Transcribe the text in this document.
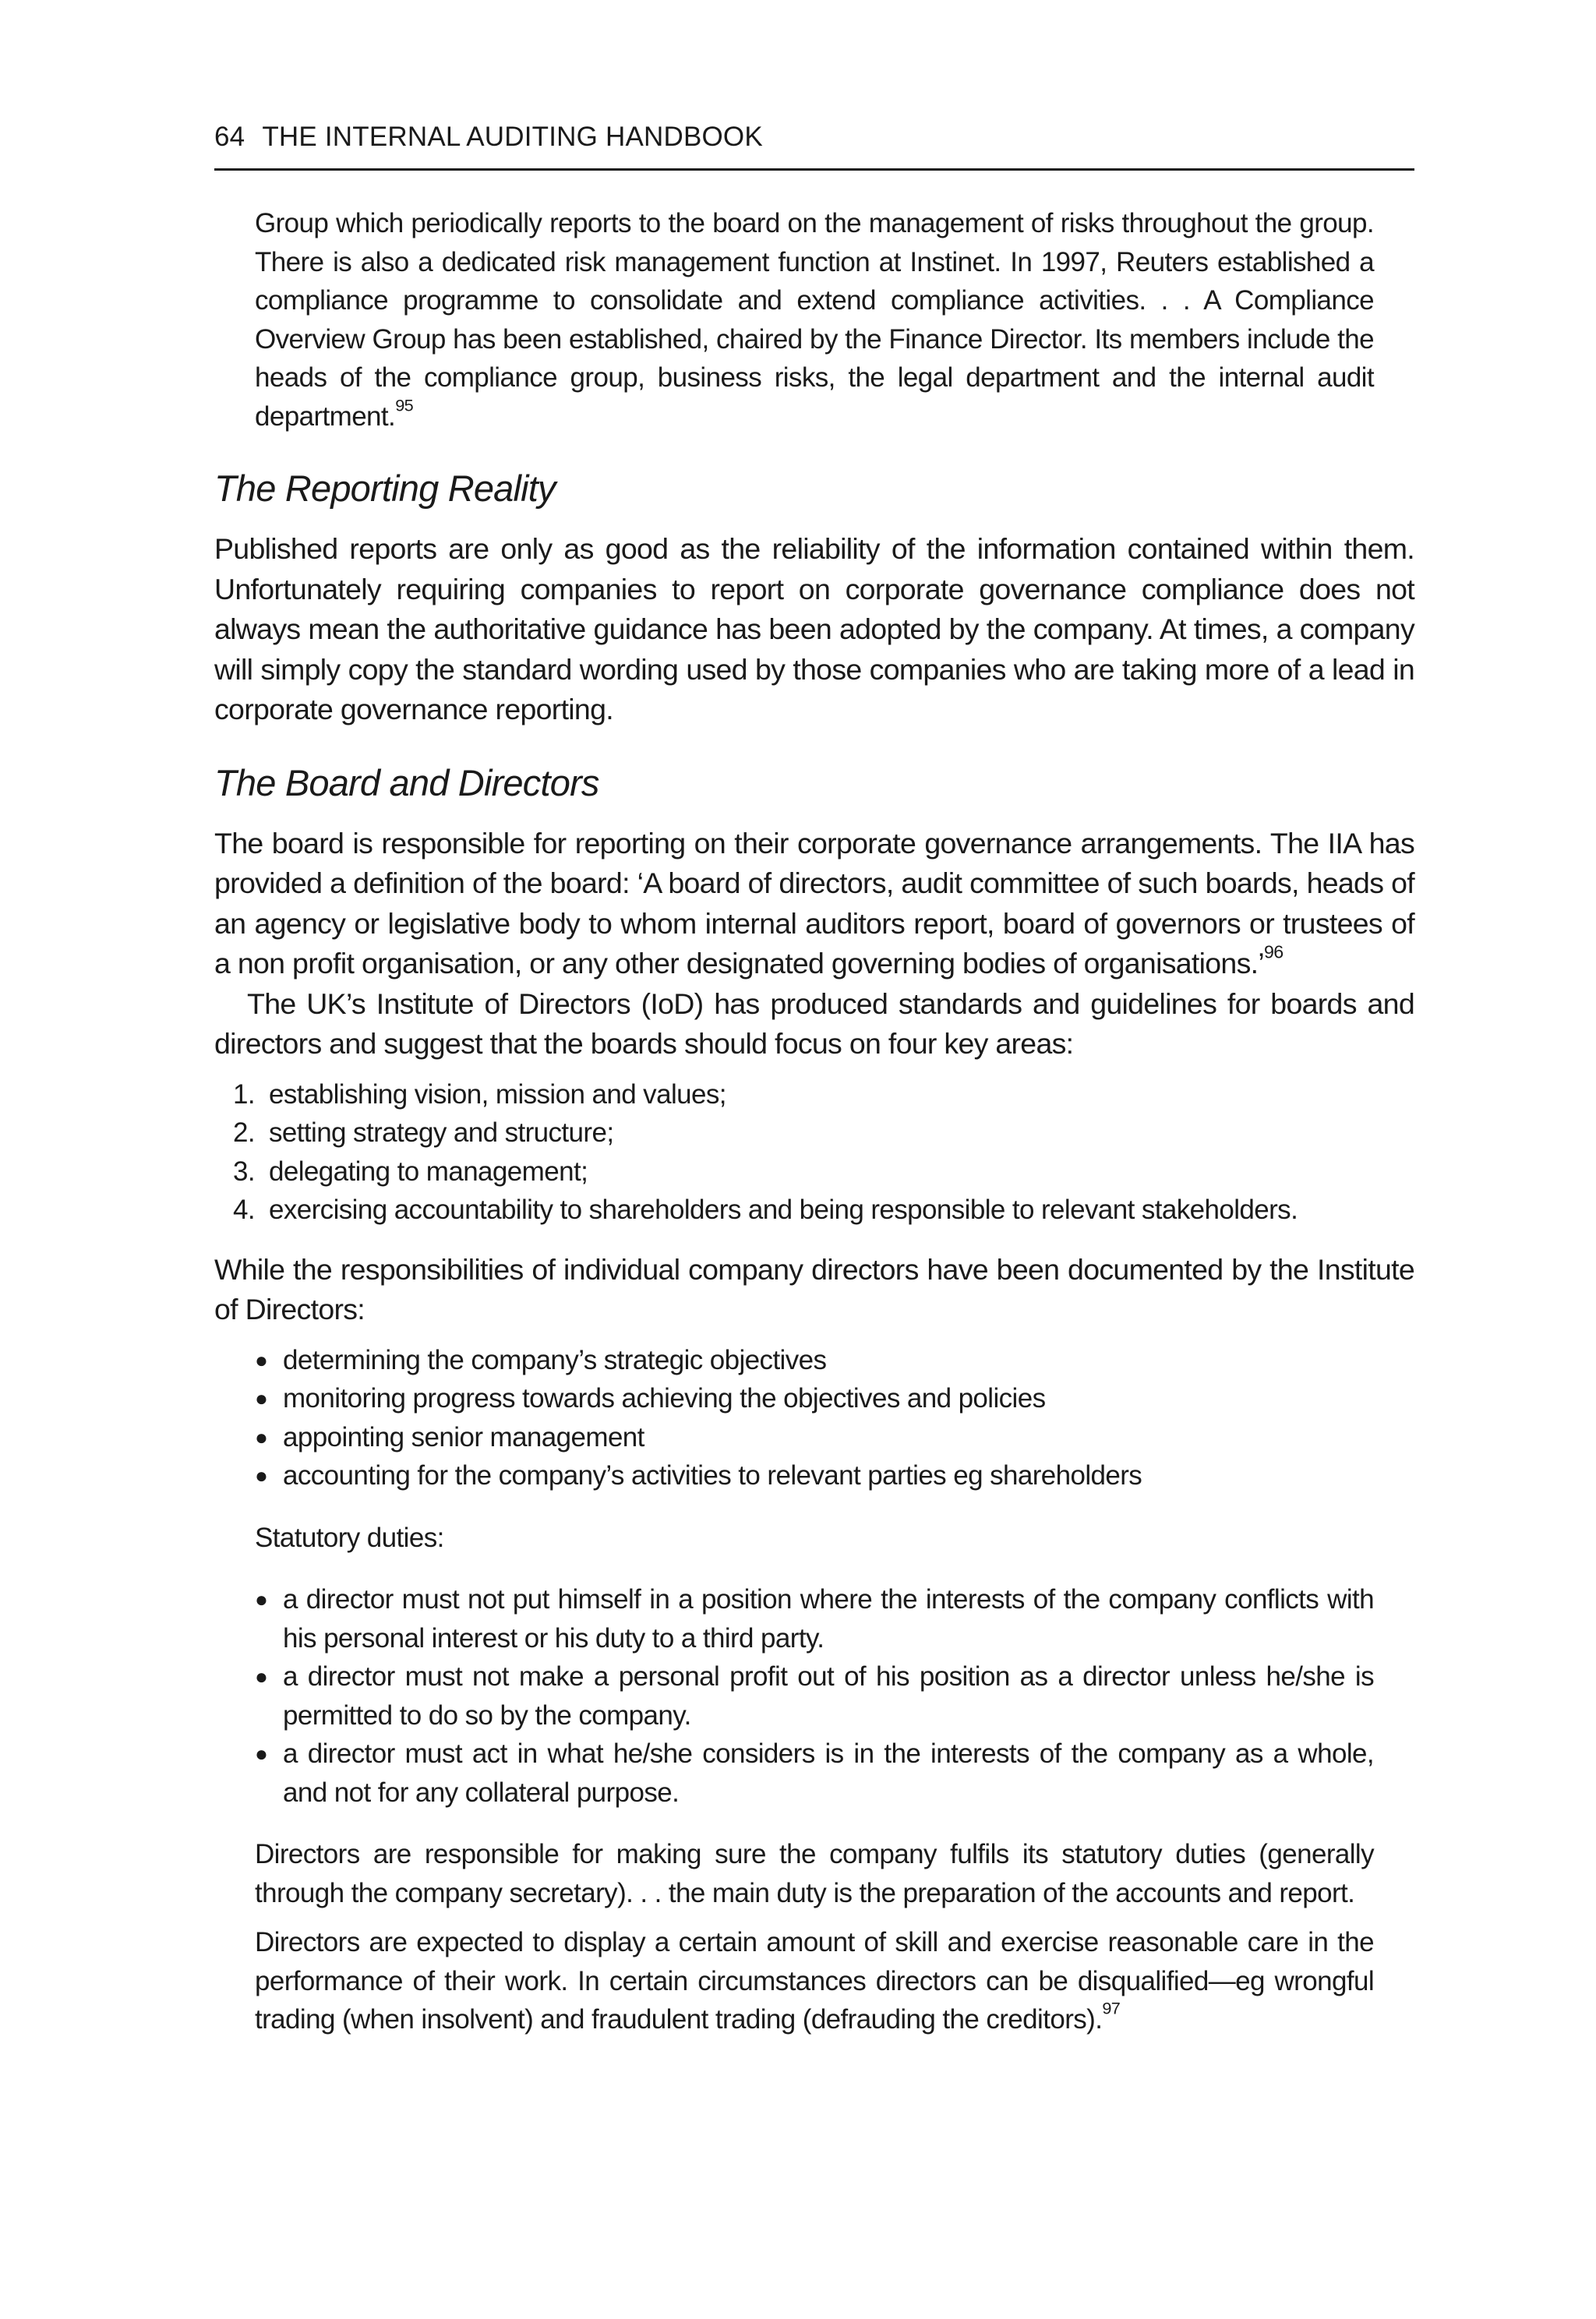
64 THE INTERNAL AUDITING HANDBOOK

Group which periodically reports to the board on the management of risks throughout the group. There is also a dedicated risk management function at Instinet. In 1997, Reuters established a compliance programme to consolidate and extend compliance activities. . . A Compliance Overview Group has been established, chaired by the Finance Director. Its members include the heads of the compliance group, business risks, the legal department and the internal audit department.$^{95}$

The Reporting Reality

Published reports are only as good as the reliability of the information contained within them. Unfortunately requiring companies to report on corporate governance compliance does not always mean the authoritative guidance has been adopted by the company. At times, a company will simply copy the standard wording used by those companies who are taking more of a lead in corporate governance reporting.

The Board and Directors

The board is responsible for reporting on their corporate governance arrangements. The IIA has provided a definition of the board: ‘A board of directors, audit committee of such boards, heads of an agency or legislative body to whom internal auditors report, board of governors or trustees of a non profit organisation, or any other designated governing bodies of organisations.’$^{96}$

The UK’s Institute of Directors (IoD) has produced standards and guidelines for boards and directors and suggest that the boards should focus on four key areas:

1. establishing vision, mission and values;
2. setting strategy and structure;
3. delegating to management;
4. exercising accountability to shareholders and being responsible to relevant stakeholders.

While the responsibilities of individual company directors have been documented by the Institute of Directors:

● determining the company’s strategic objectives
● monitoring progress towards achieving the objectives and policies
● appointing senior management
● accounting for the company’s activities to relevant parties eg shareholders

Statutory duties:

● a director must not put himself in a position where the interests of the company conflicts with his personal interest or his duty to a third party.
● a director must not make a personal profit out of his position as a director unless he/she is permitted to do so by the company.
● a director must act in what he/she considers is in the interests of the company as a whole, and not for any collateral purpose.

Directors are responsible for making sure the company fulfils its statutory duties (generally through the company secretary). . . the main duty is the preparation of the accounts and report.

Directors are expected to display a certain amount of skill and exercise reasonable care in the performance of their work. In certain circumstances directors can be disqualified—eg wrongful trading (when insolvent) and fraudulent trading (defrauding the creditors).$^{97}$
